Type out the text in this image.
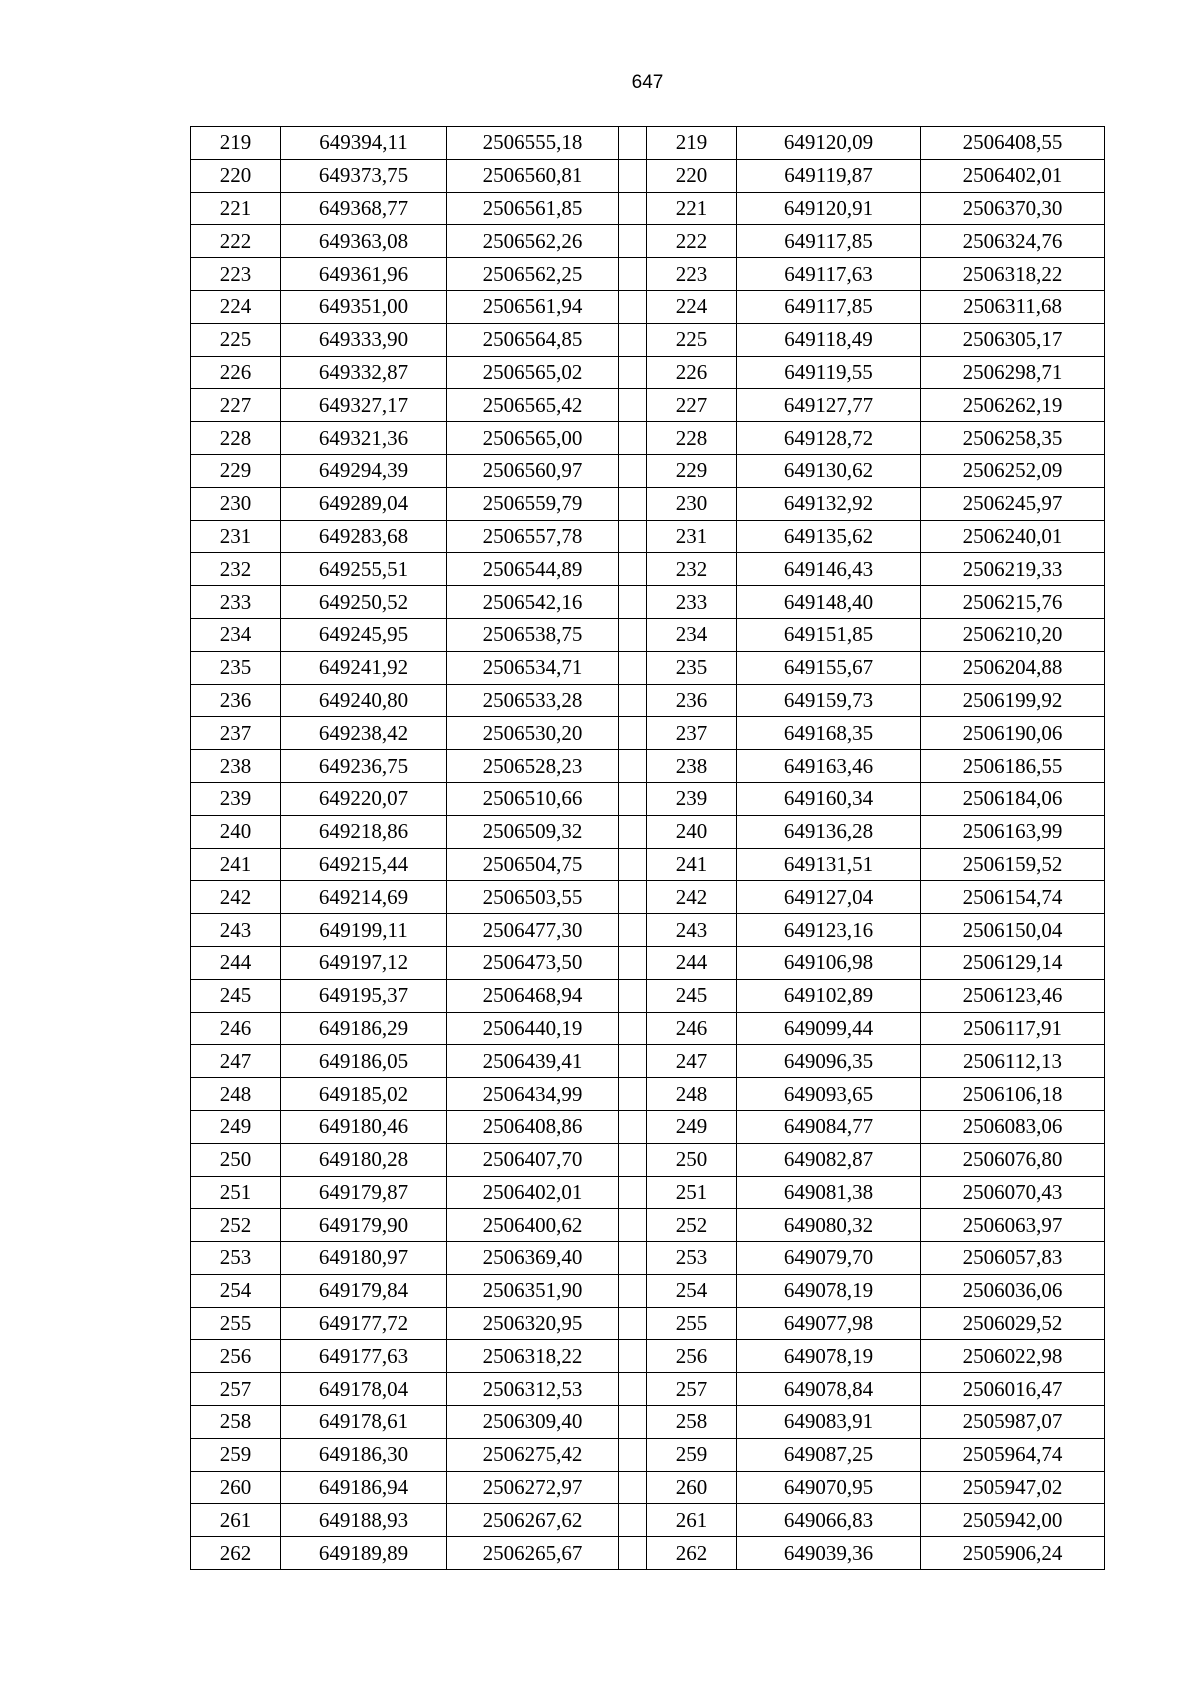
647
219	649394,11	2506555,18		219	649120,09	2506408,55
220	649373,75	2506560,81		220	649119,87	2506402,01
221	649368,77	2506561,85		221	649120,91	2506370,30
222	649363,08	2506562,26		222	649117,85	2506324,76
223	649361,96	2506562,25		223	649117,63	2506318,22
224	649351,00	2506561,94		224	649117,85	2506311,68
225	649333,90	2506564,85		225	649118,49	2506305,17
226	649332,87	2506565,02		226	649119,55	2506298,71
227	649327,17	2506565,42		227	649127,77	2506262,19
228	649321,36	2506565,00		228	649128,72	2506258,35
229	649294,39	2506560,97		229	649130,62	2506252,09
230	649289,04	2506559,79		230	649132,92	2506245,97
231	649283,68	2506557,78		231	649135,62	2506240,01
232	649255,51	2506544,89		232	649146,43	2506219,33
233	649250,52	2506542,16		233	649148,40	2506215,76
234	649245,95	2506538,75		234	649151,85	2506210,20
235	649241,92	2506534,71		235	649155,67	2506204,88
236	649240,80	2506533,28		236	649159,73	2506199,92
237	649238,42	2506530,20		237	649168,35	2506190,06
238	649236,75	2506528,23		238	649163,46	2506186,55
239	649220,07	2506510,66		239	649160,34	2506184,06
240	649218,86	2506509,32		240	649136,28	2506163,99
241	649215,44	2506504,75		241	649131,51	2506159,52
242	649214,69	2506503,55		242	649127,04	2506154,74
243	649199,11	2506477,30		243	649123,16	2506150,04
244	649197,12	2506473,50		244	649106,98	2506129,14
245	649195,37	2506468,94		245	649102,89	2506123,46
246	649186,29	2506440,19		246	649099,44	2506117,91
247	649186,05	2506439,41		247	649096,35	2506112,13
248	649185,02	2506434,99		248	649093,65	2506106,18
249	649180,46	2506408,86		249	649084,77	2506083,06
250	649180,28	2506407,70		250	649082,87	2506076,80
251	649179,87	2506402,01		251	649081,38	2506070,43
252	649179,90	2506400,62		252	649080,32	2506063,97
253	649180,97	2506369,40		253	649079,70	2506057,83
254	649179,84	2506351,90		254	649078,19	2506036,06
255	649177,72	2506320,95		255	649077,98	2506029,52
256	649177,63	2506318,22		256	649078,19	2506022,98
257	649178,04	2506312,53		257	649078,84	2506016,47
258	649178,61	2506309,40		258	649083,91	2505987,07
259	649186,30	2506275,42		259	649087,25	2505964,74
260	649186,94	2506272,97		260	649070,95	2505947,02
261	649188,93	2506267,62		261	649066,83	2505942,00
262	649189,89	2506265,67		262	649039,36	2505906,24
